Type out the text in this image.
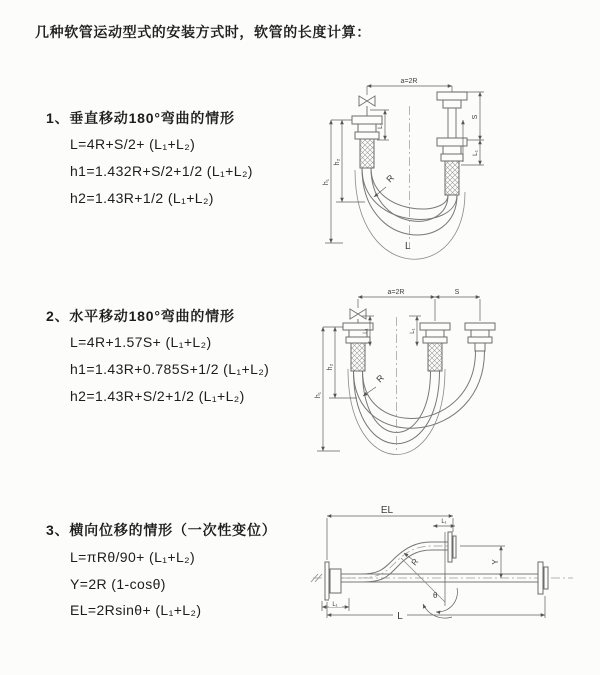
几种软管运动型式的安装方式时，软管的长度计算：
1、垂直移动180°弯曲的情形
L=4R+S/2+ (L₁+L₂)
h1=1.432R+S/2+1/2 (L₁+L₂)
h2=1.43R+1/2 (L₁+L₂)
2、水平移动180°弯曲的情形
L=4R+1.57S+ (L₁+L₂)
h1=1.43R+0.785S+1/2 (L₁+L₂)
h2=1.43R+S/2+1/2 (L₁+L₂)
3、横向位移的情形（一次性变位）
L=πRθ/90+ (L₁+L₂)
Y=2R (1-cosθ)
EL=2Rsinθ+ (L₁+L₂)
a=2R
h₁
h₂
L₁
S
L₁
R
L
a=2R	S
h₁
h₂
L₁	L₁
R
EL
L₁
θ
R	Y
L₁
L
